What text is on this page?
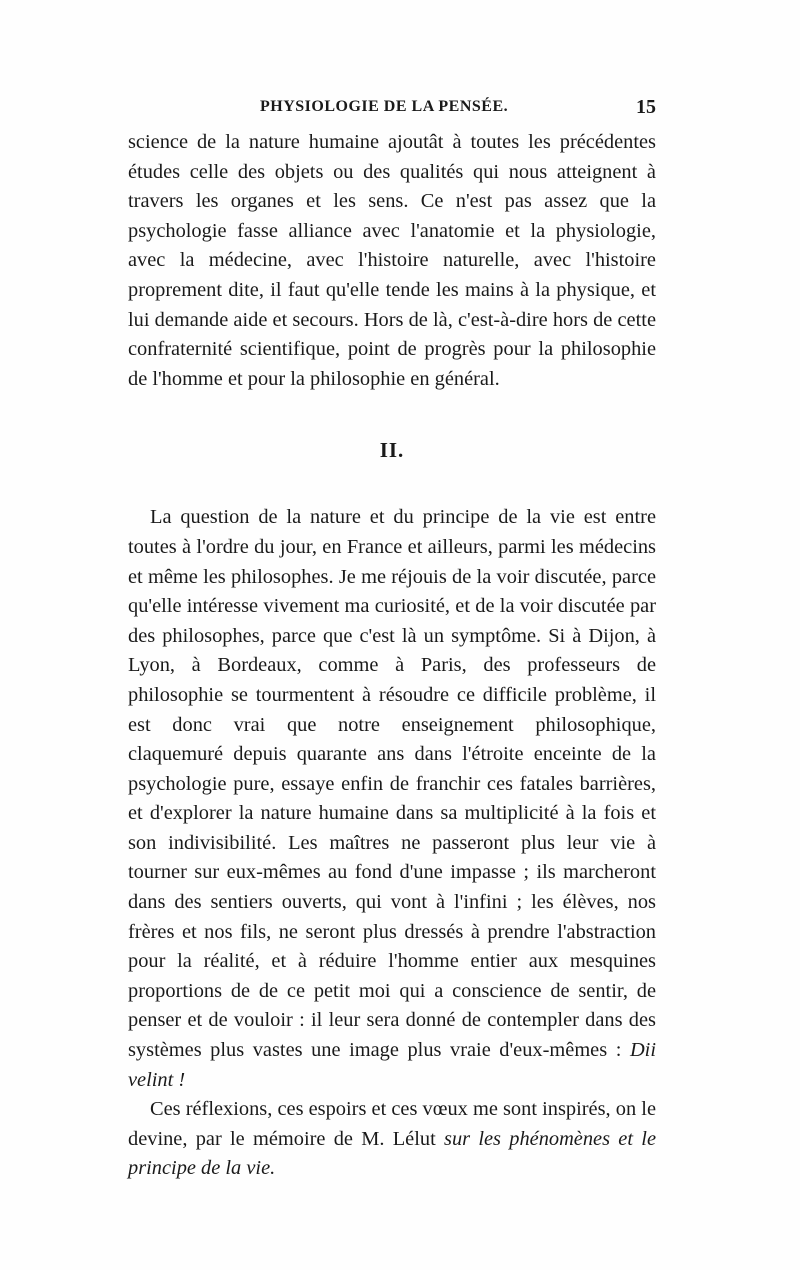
PHYSIOLOGIE DE LA PENSÉE.	15

science de la nature humaine ajoutât à toutes les précédentes études celle des objets ou des qualités qui nous atteignent à travers les organes et les sens. Ce n'est pas assez que la psychologie fasse alliance avec l'anatomie et la physiologie, avec la médecine, avec l'histoire naturelle, avec l'histoire proprement dite, il faut qu'elle tende les mains à la physique, et lui demande aide et secours. Hors de là, c'est-à-dire hors de cette confraternité scientifique, point de progrès pour la philosophie de l'homme et pour la philosophie en général.

II.

La question de la nature et du principe de la vie est entre toutes à l'ordre du jour, en France et ailleurs, parmi les médecins et même les philosophes. Je me réjouis de la voir discutée, parce qu'elle intéresse vivement ma curiosité, et de la voir discutée par des philosophes, parce que c'est là un symptôme. Si à Dijon, à Lyon, à Bordeaux, comme à Paris, des professeurs de philosophie se tourmentent à résoudre ce difficile problème, il est donc vrai que notre enseignement philosophique, claquemuré depuis quarante ans dans l'étroite enceinte de la psychologie pure, essaye enfin de franchir ces fatales barrières, et d'explorer la nature humaine dans sa multiplicité à la fois et son indivisibilité. Les maîtres ne passeront plus leur vie à tourner sur eux-mêmes au fond d'une impasse ; ils marcheront dans des sentiers ouverts, qui vont à l'infini ; les élèves, nos frères et nos fils, ne seront plus dressés à prendre l'abstraction pour la réalité, et à réduire l'homme entier aux mesquines proportions de de ce petit moi qui a conscience de sentir, de penser et de vouloir : il leur sera donné de contempler dans des systèmes plus vastes une image plus vraie d'eux-mêmes : Dii velint !

Ces réflexions, ces espoirs et ces vœux me sont inspirés, on le devine, par le mémoire de M. Lélut sur les phénomènes et le principe de la vie.
